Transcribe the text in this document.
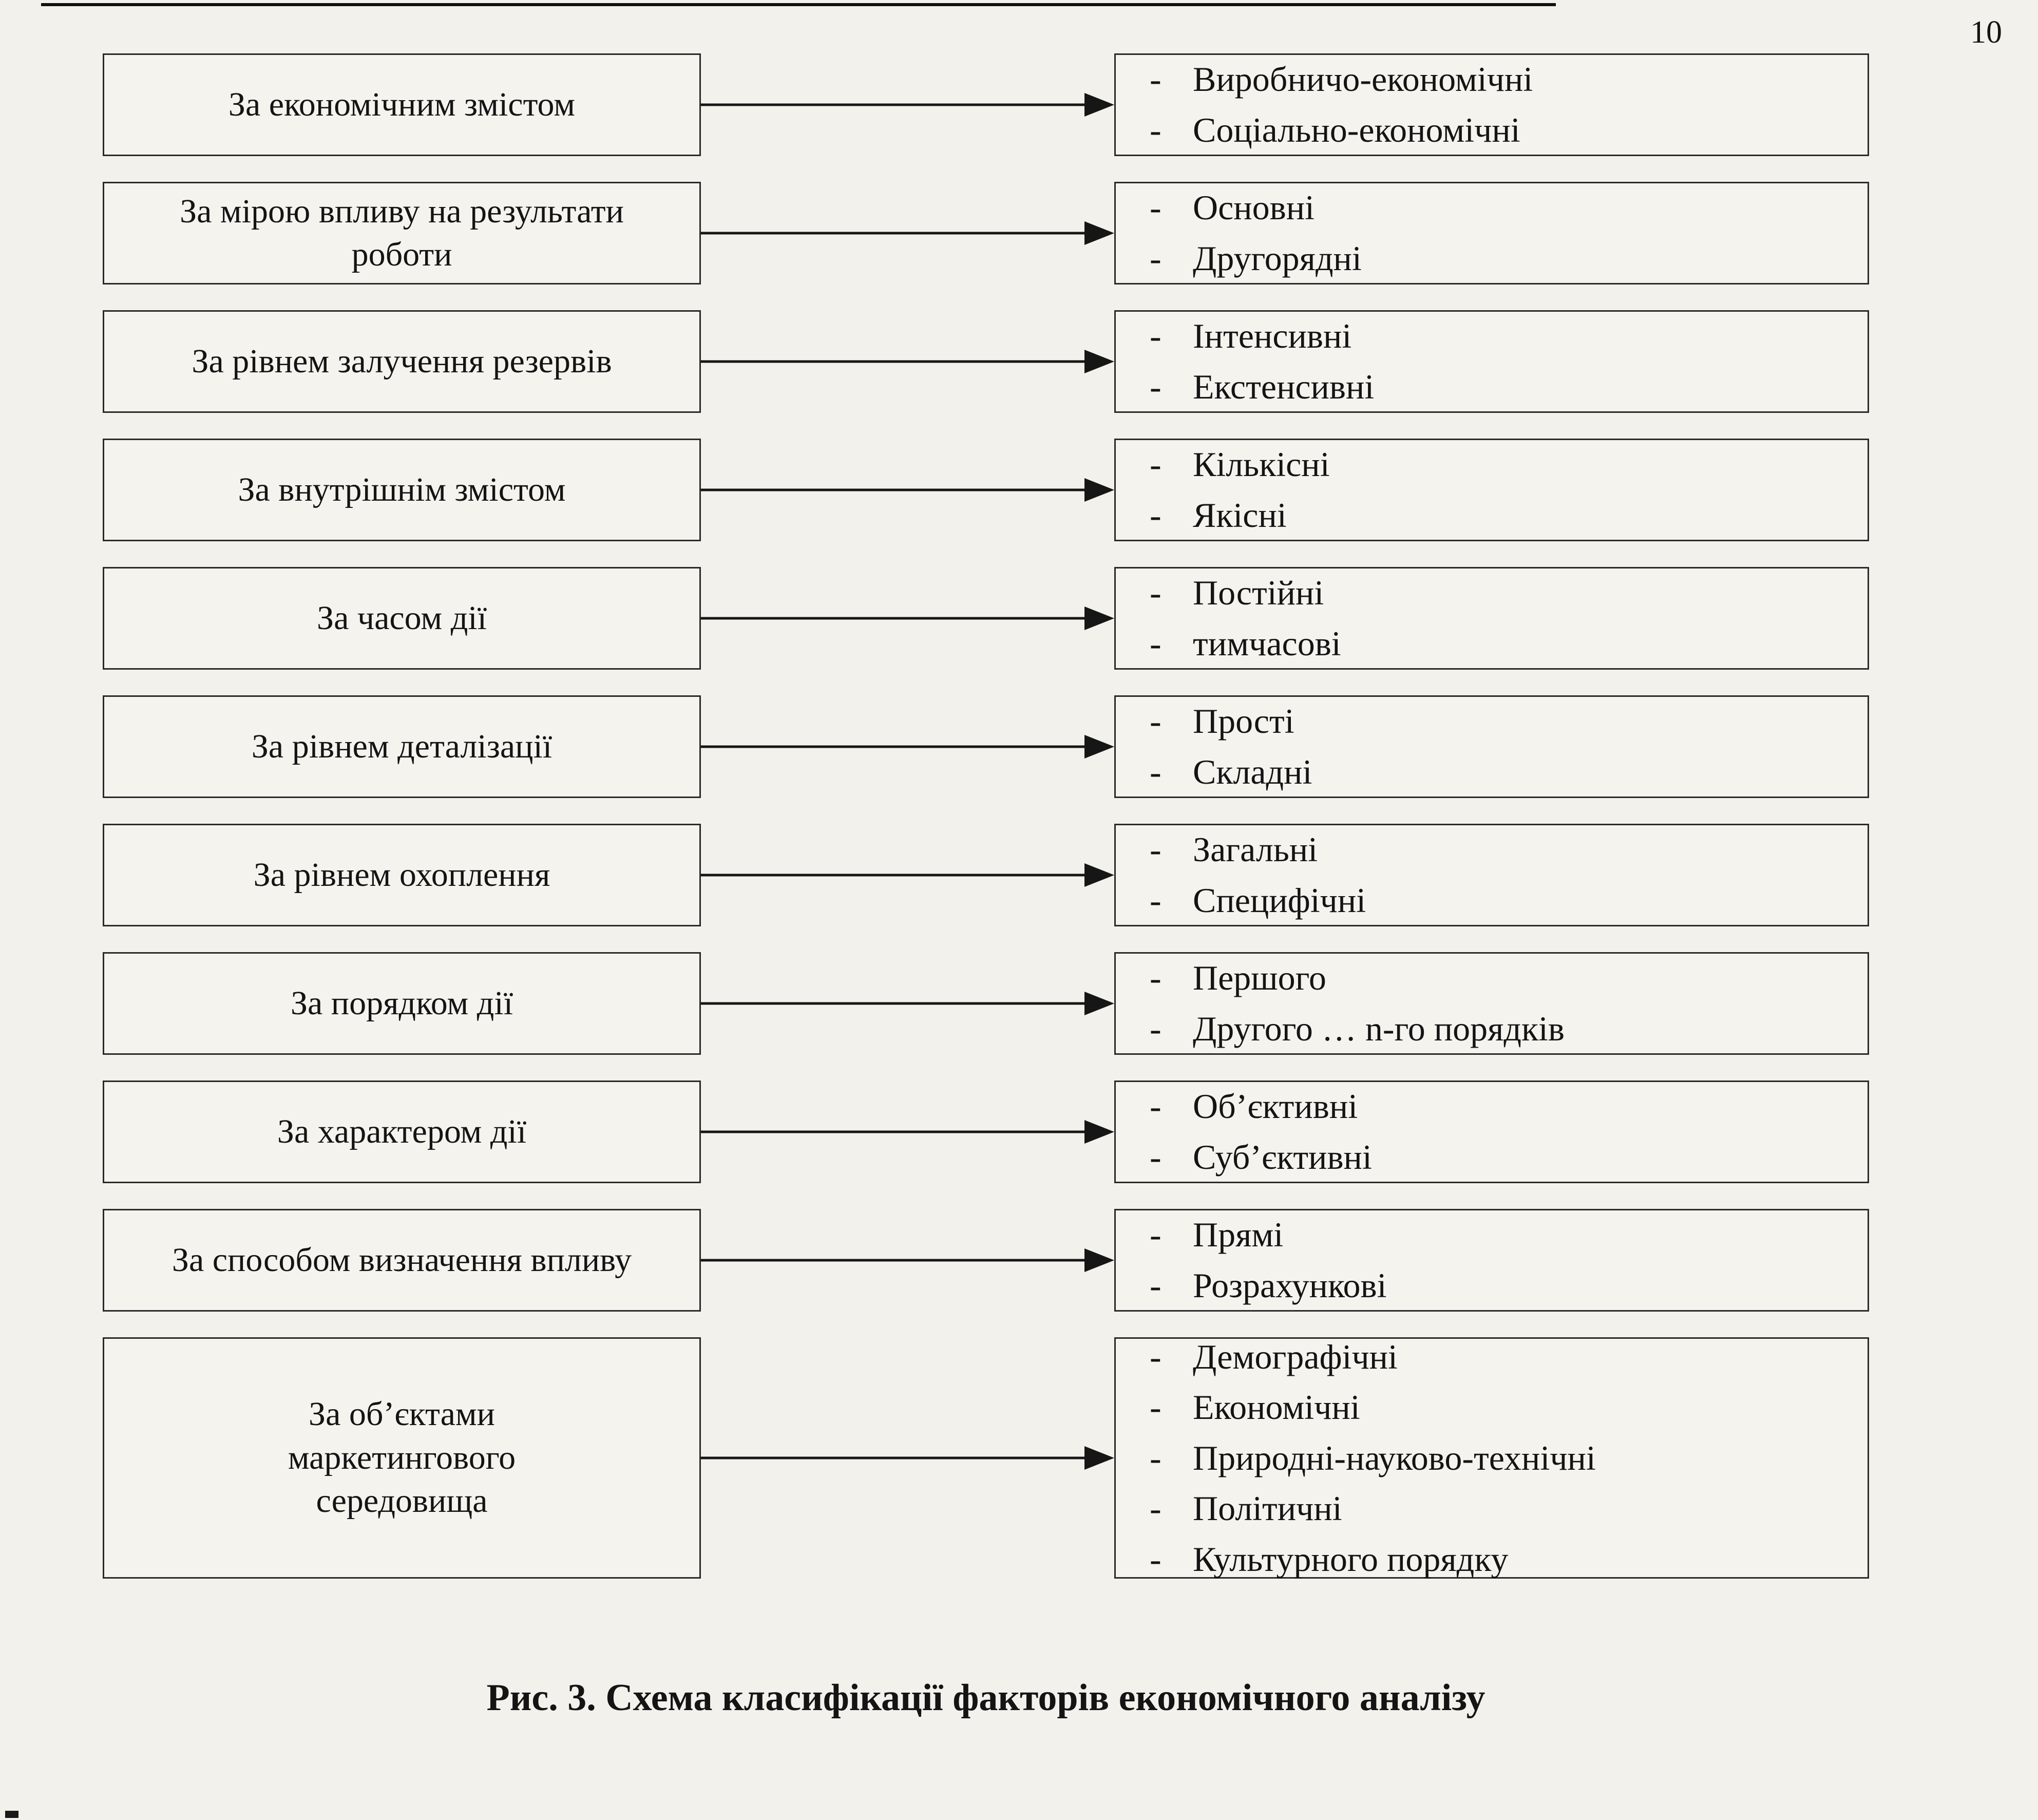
10
За економічним змістом
- Виробничо-економічні
- Соціально-економічні
За мірою впливу на результати роботи
- Основні
- Другорядні
За рівнем залучення резервів
- Інтенсивні
- Екстенсивні
За внутрішнім змістом
- Кількісні
- Якісні
За часом дії
- Постійні
- тимчасові
За рівнем деталізації
- Прості
- Складні
За рівнем охоплення
- Загальні
- Специфічні
За порядком дії
- Першого
- Другого … n-го порядків
За характером дії
- Об’єктивні
- Суб’єктивні
За способом визначення впливу
- Прямі
- Розрахункові
За об’єктами маркетингового середовища
- Демографічні
- Економічні
- Природні-науково-технічні
- Політичні
- Культурного порядку
Рис. 3. Схема класифікації факторів економічного аналізу
